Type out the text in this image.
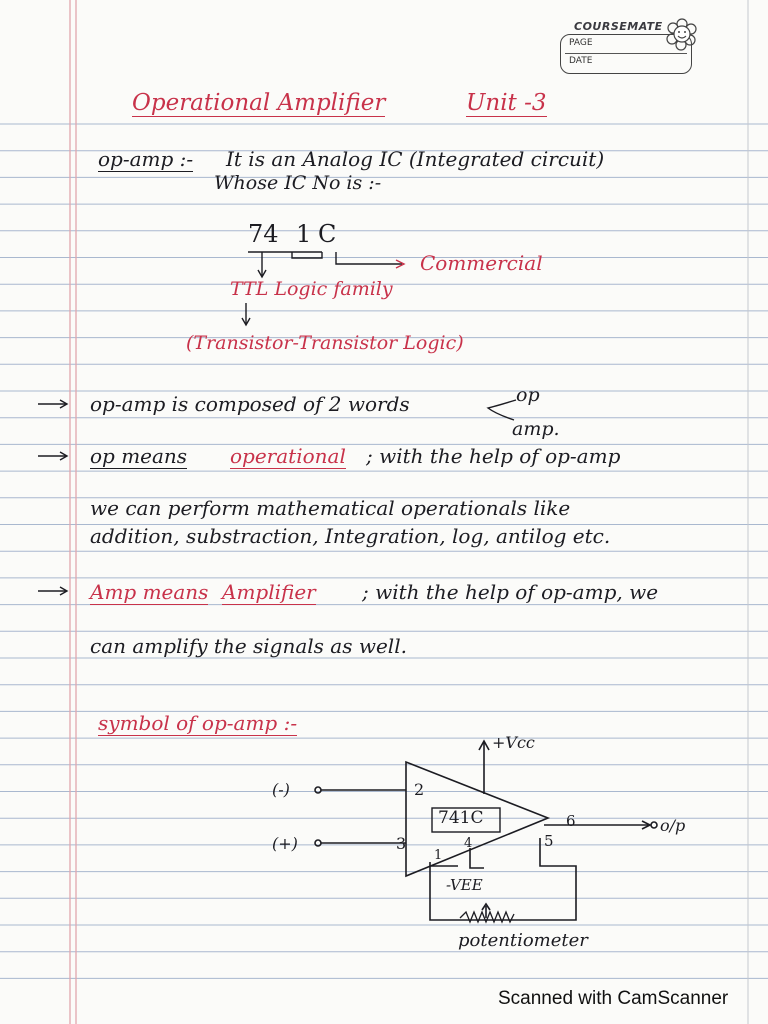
COURSEMATE
PAGE
DATE
Operational Amplifier	Unit -3
op-amp :- It is an Analog IC (Integrated circuit)
Whose IC No is :-
74 1 C
Commercial
TTL Logic family
(Transistor-Transistor Logic)
op-amp is composed of 2 words	op
amp.
op means operational ; with the help of op-amp
we can perform mathematical operationals like
addition, substraction, Integration, log, antilog etc.
Amp means Amplifier ; with the help of op-amp, we
can amplify the signals as well.
symbol of op-amp :-
+Vcc
(-)
(+)
2
3
1
4	5
6
741C	o/p
-VEE
potentiometer
Scanned with CamScanner
